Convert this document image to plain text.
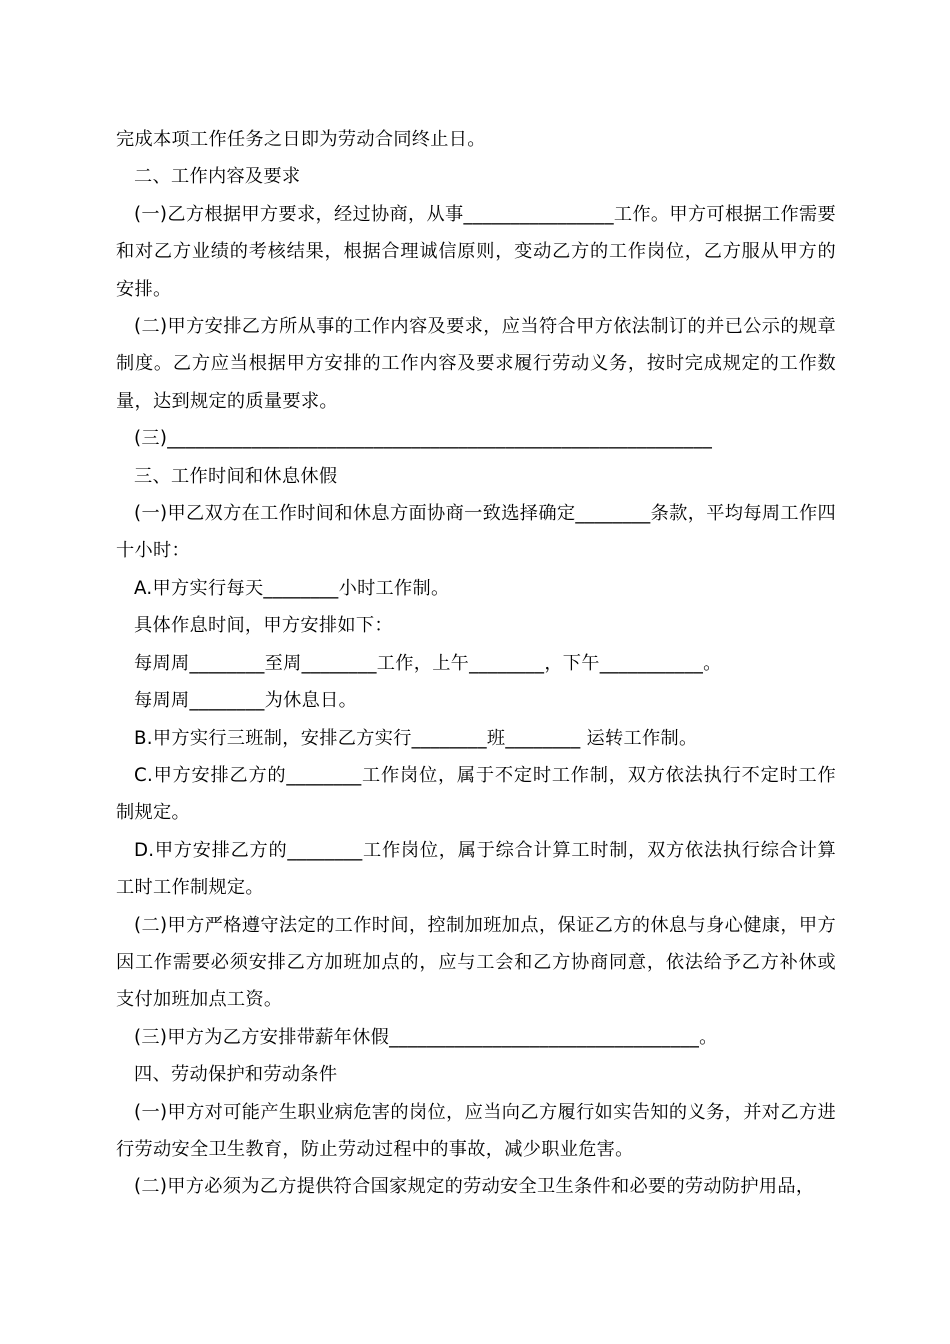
完成本项工作任务之日即为劳动合同终止日。

二、工作内容及要求

(一)乙方根据甲方要求，经过协商，从事________________工作。甲方可根据工作需要和对乙方业绩的考核结果，根据合理诚信原则，变动乙方的工作岗位，乙方服从甲方的安排。

(二)甲方安排乙方所从事的工作内容及要求，应当符合甲方依法制订的并已公示的规章制度。乙方应当根据甲方安排的工作内容及要求履行劳动义务，按时完成规定的工作数量，达到规定的质量要求。

(三)__________________________________________________________

三、工作时间和休息休假

(一)甲乙双方在工作时间和休息方面协商一致选择确定________条款，平均每周工作四十小时：

A.甲方实行每天________小时工作制。

具体作息时间，甲方安排如下：

每周周________至周________工作，上午________，下午___________。

每周周________为休息日。

B.甲方实行三班制，安排乙方实行________班________ 运转工作制。

C.甲方安排乙方的________工作岗位，属于不定时工作制，双方依法执行不定时工作制规定。

D.甲方安排乙方的________工作岗位，属于综合计算工时制，双方依法执行综合计算工时工作制规定。

(二)甲方严格遵守法定的工作时间，控制加班加点，保证乙方的休息与身心健康，甲方因工作需要必须安排乙方加班加点的，应与工会和乙方协商同意，依法给予乙方补休或支付加班加点工资。

(三)甲方为乙方安排带薪年休假_________________________________。

四、劳动保护和劳动条件

(一)甲方对可能产生职业病危害的岗位，应当向乙方履行如实告知的义务，并对乙方进行劳动安全卫生教育，防止劳动过程中的事故，减少职业危害。

(二)甲方必须为乙方提供符合国家规定的劳动安全卫生条件和必要的劳动防护用品，
